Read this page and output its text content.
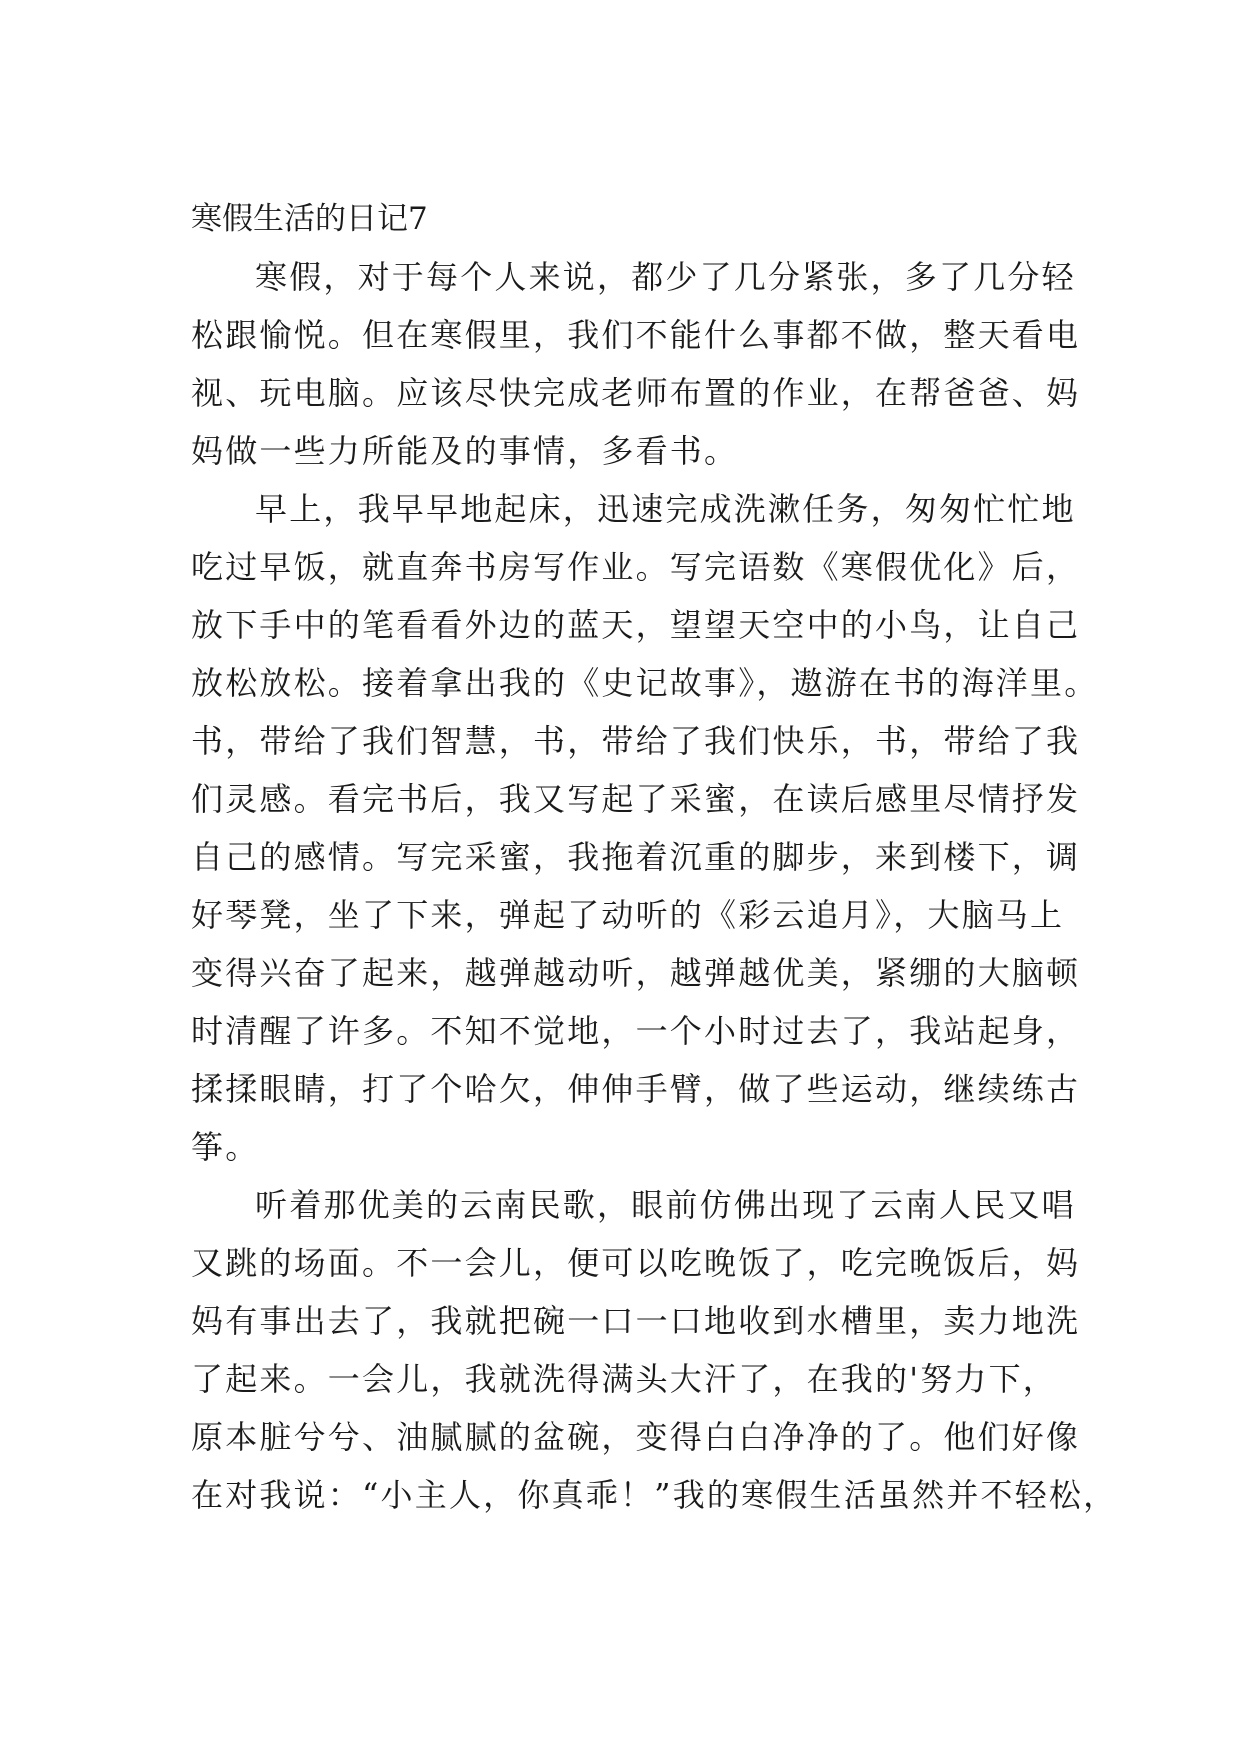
寒假生活的日记7
寒假，对于每个人来说，都少了几分紧张，多了几分轻
松跟愉悦。但在寒假里，我们不能什么事都不做，整天看电
视、玩电脑。应该尽快完成老师布置的作业，在帮爸爸、妈
妈做一些力所能及的事情，多看书。
早上，我早早地起床，迅速完成洗漱任务，匆匆忙忙地
吃过早饭，就直奔书房写作业。写完语数《寒假优化》后，
放下手中的笔看看外边的蓝天，望望天空中的小鸟，让自己
放松放松。接着拿出我的《史记故事》，遨游在书的海洋里。
书，带给了我们智慧，书，带给了我们快乐，书，带给了我
们灵感。看完书后，我又写起了采蜜，在读后感里尽情抒发
自己的感情。写完采蜜，我拖着沉重的脚步，来到楼下，调
好琴凳，坐了下来，弹起了动听的《彩云追月》，大脑马上
变得兴奋了起来，越弹越动听，越弹越优美，紧绷的大脑顿
时清醒了许多。不知不觉地，一个小时过去了，我站起身，
揉揉眼睛，打了个哈欠，伸伸手臂，做了些运动，继续练古
筝。
听着那优美的云南民歌，眼前仿佛出现了云南人民又唱
又跳的场面。不一会儿，便可以吃晚饭了，吃完晚饭后，妈
妈有事出去了，我就把碗一口一口地收到水槽里，卖力地洗
了起来。一会儿，我就洗得满头大汗了，在我的'努力下，
原本脏兮兮、油腻腻的盆碗，变得白白净净的了。他们好像
在对我说：“小主人，你真乖！”我的寒假生活虽然并不轻松，
